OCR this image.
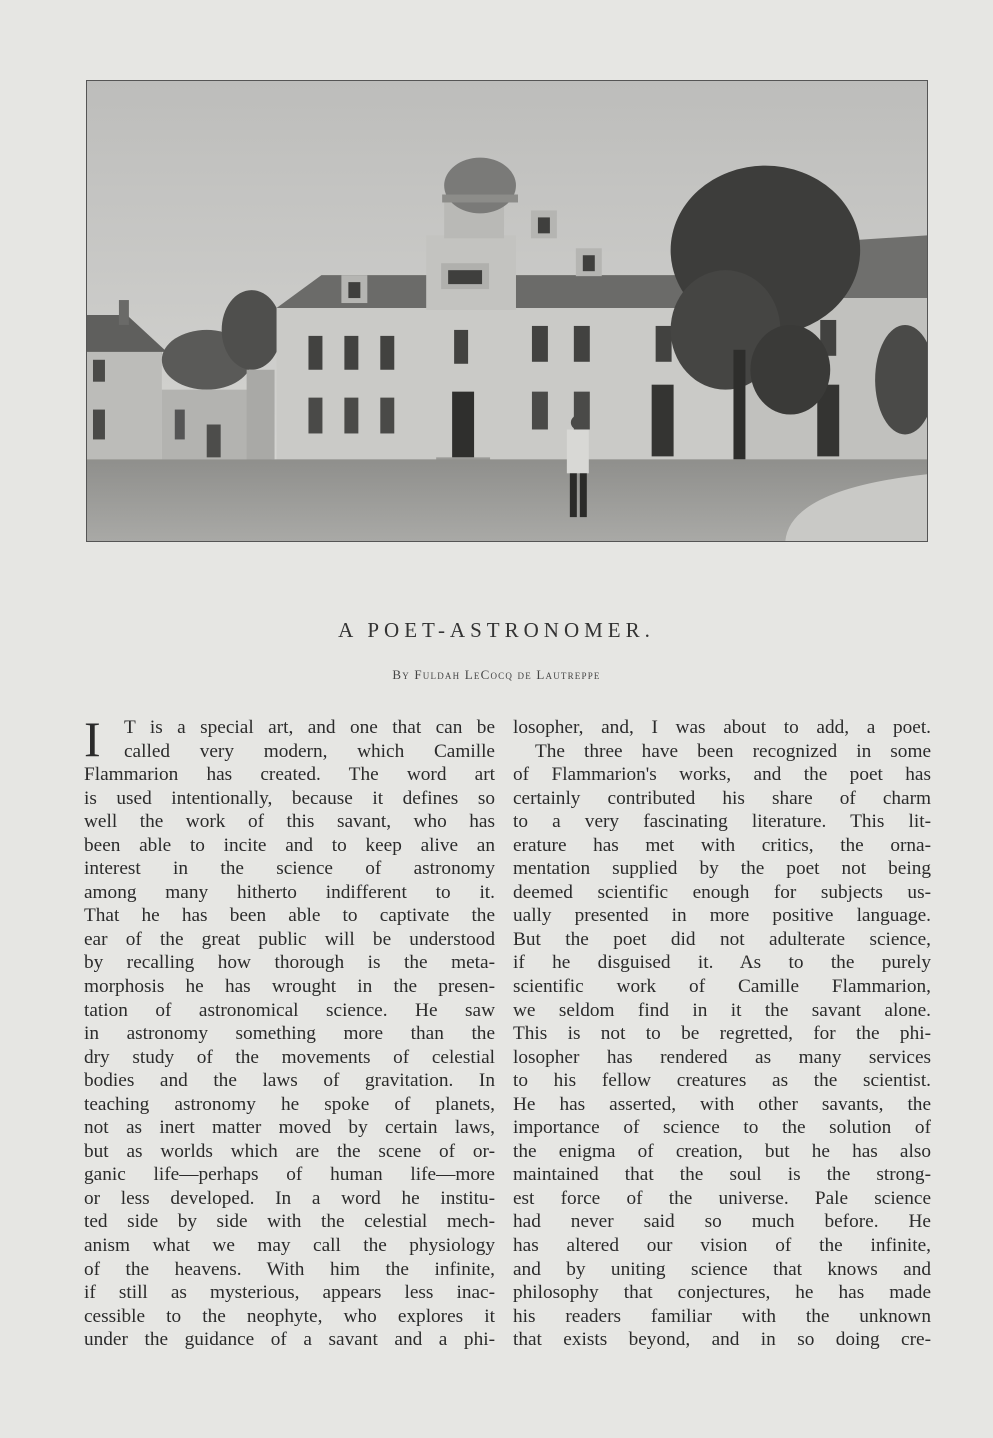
A POET-ASTRONOMER.
By Fuldah LeCocq de Lautreppe
I	T is a special art, and one that can be
called very modern, which Camille
Flammarion has created. The word art
is used intentionally, because it defines so
well the work of this savant, who has
been able to incite and to keep alive an
interest in the science of astronomy
among many hitherto indifferent to it.
That he has been able to captivate the
ear of the great public will be understood
by recalling how thorough is the meta-
morphosis he has wrought in the presen-
tation of astronomical science. He saw
in astronomy something more than the
dry study of the movements of celestial
bodies and the laws of gravitation. In
teaching astronomy he spoke of planets,
not as inert matter moved by certain laws,
but as worlds which are the scene of or-
ganic life—perhaps of human life—more
or less developed. In a word he institu-
ted side by side with the celestial mech-
anism what we may call the physiology
of the heavens. With him the infinite,
if still as mysterious, appears less inac-
cessible to the neophyte, who explores it
under the guidance of a savant and a phi-
losopher, and, I was about to add, a poet.
The three have been recognized in some
of Flammarion's works, and the poet has
certainly contributed his share of charm
to a very fascinating literature. This lit-
erature has met with critics, the orna-
mentation supplied by the poet not being
deemed scientific enough for subjects us-
ually presented in more positive language.
But the poet did not adulterate science,
if he disguised it. As to the purely
scientific work of Camille Flammarion,
we seldom find in it the savant alone.
This is not to be regretted, for the phi-
losopher has rendered as many services
to his fellow creatures as the scientist.
He has asserted, with other savants, the
importance of science to the solution of
the enigma of creation, but he has also
maintained that the soul is the strong-
est force of the universe. Pale science
had never said so much before. He
has altered our vision of the infinite,
and by uniting science that knows and
philosophy that conjectures, he has made
his readers familiar with the unknown
that exists beyond, and in so doing cre-
